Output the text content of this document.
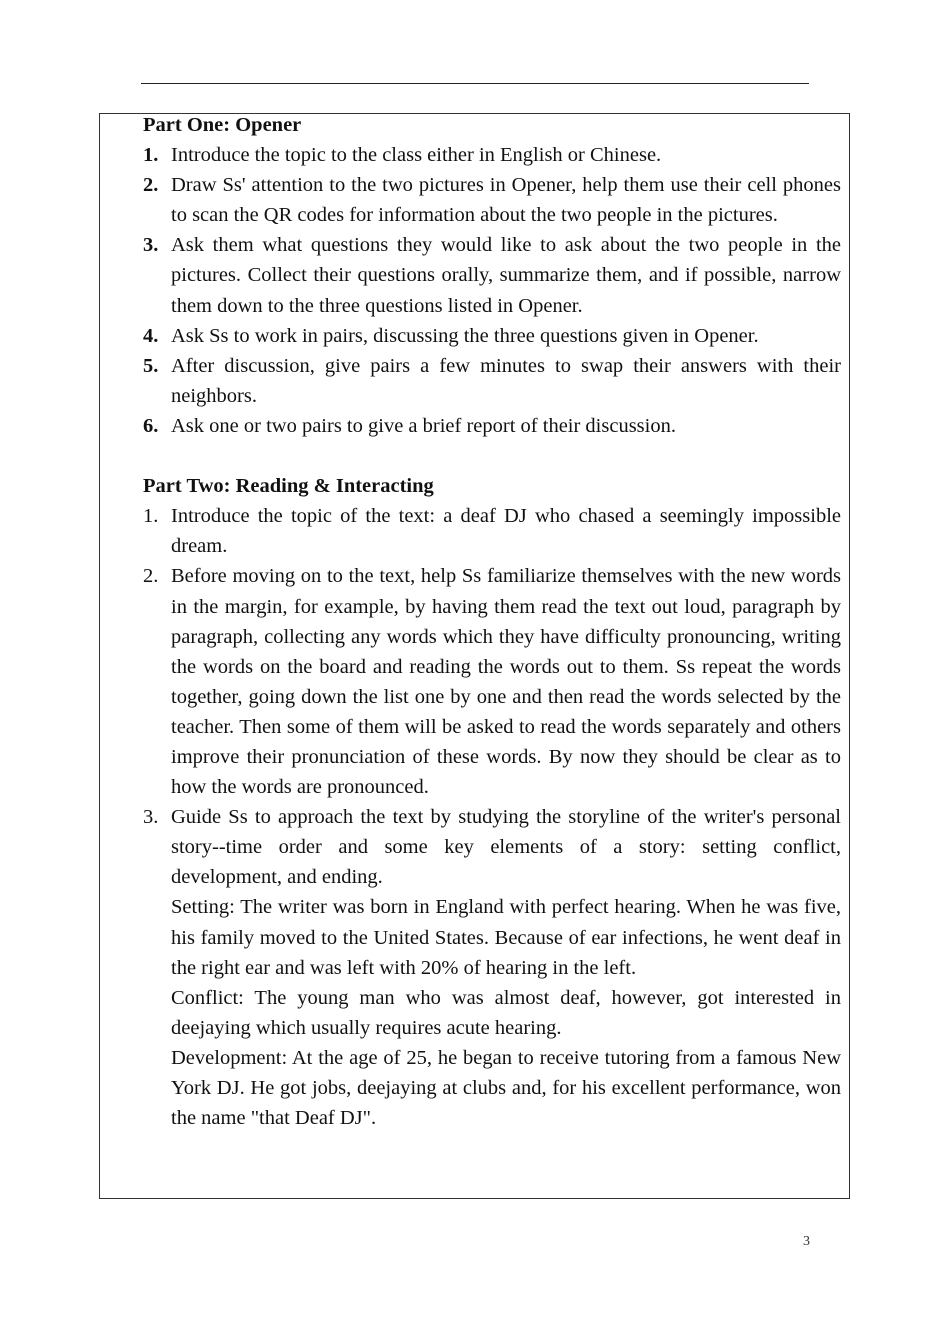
Part One: Opener

1. Introduce the topic to the class either in English or Chinese.
2. Draw Ss' attention to the two pictures in Opener, help them use their cell phones to scan the QR codes for information about the two people in the pictures.
3. Ask them what questions they would like to ask about the two people in the pictures. Collect their questions orally, summarize them, and if possible, narrow them down to the three questions listed in Opener.
4. Ask Ss to work in pairs, discussing the three questions given in Opener.
5. After discussion, give pairs a few minutes to swap their answers with their neighbors.
6. Ask one or two pairs to give a brief report of their discussion.

Part Two: Reading & Interacting

1. Introduce the topic of the text: a deaf DJ who chased a seemingly impossible dream.
2. Before moving on to the text, help Ss familiarize themselves with the new words in the margin, for example, by having them read the text out loud, paragraph by paragraph, collecting any words which they have difficulty pronouncing, writing the words on the board and reading the words out to them. Ss repeat the words together, going down the list one by one and then read the words selected by the teacher. Then some of them will be asked to read the words separately and others improve their pronunciation of these words. By now they should be clear as to how the words are pronounced.
3. Guide Ss to approach the text by studying the storyline of the writer's personal story--time order and some key elements of a story: setting conflict, development, and ending.
Setting: The writer was born in England with perfect hearing. When he was five, his family moved to the United States. Because of ear infections, he went deaf in the right ear and was left with 20% of hearing in the left.
Conflict: The young man who was almost deaf, however, got interested in deejaying which usually requires acute hearing.
Development: At the age of 25, he began to receive tutoring from a famous New York DJ. He got jobs, deejaying at clubs and, for his excellent performance, won the name "that Deaf DJ".
3
